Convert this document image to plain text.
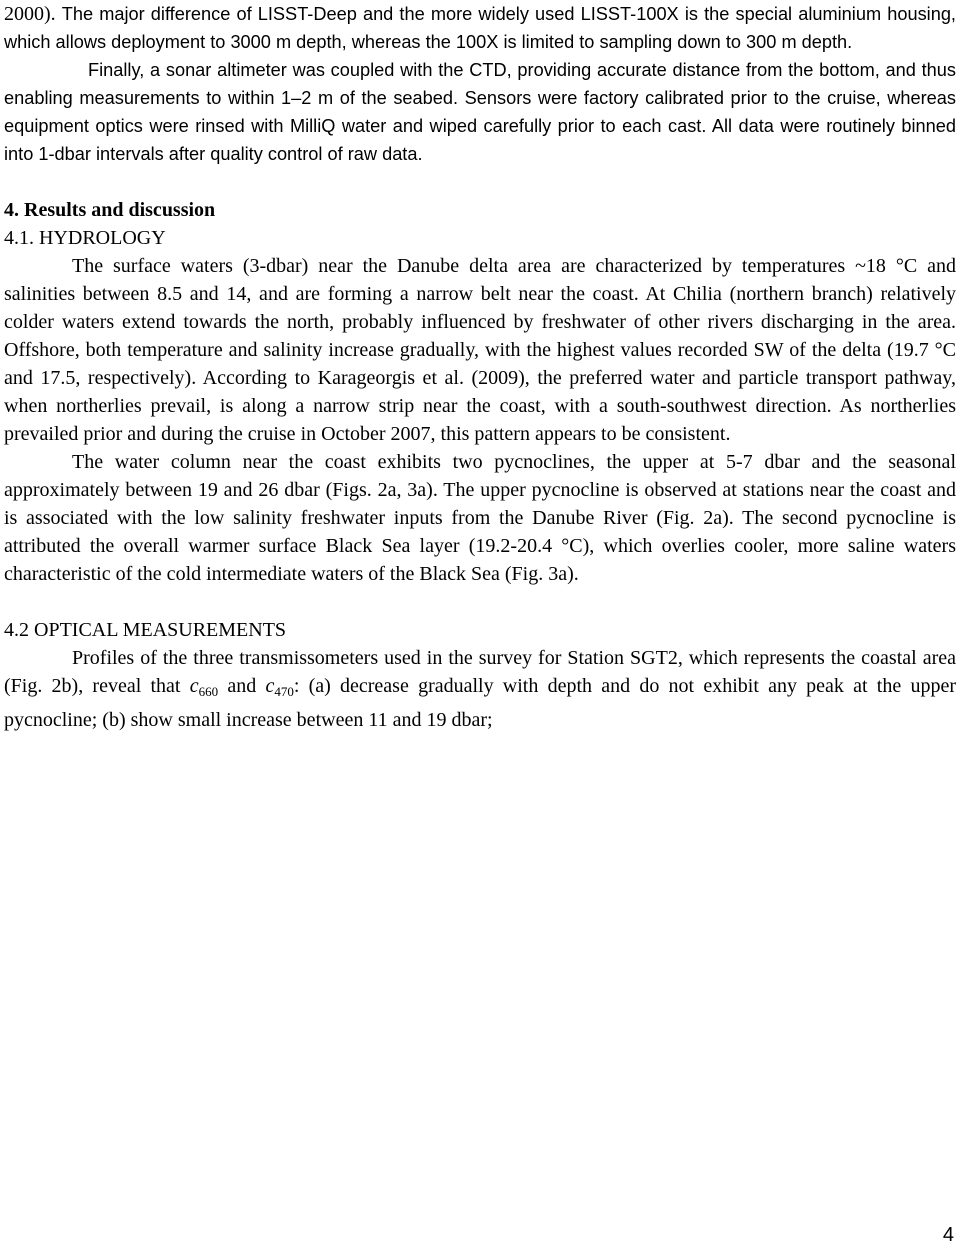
2000). The major difference of LISST-Deep and the more widely used LISST-100X is the special aluminium housing, which allows deployment to 3000 m depth, whereas the 100X is limited to sampling down to 300 m depth.

Finally, a sonar altimeter was coupled with the CTD, providing accurate distance from the bottom, and thus enabling measurements to within 1–2 m of the seabed. Sensors were factory calibrated prior to the cruise, whereas equipment optics were rinsed with MilliQ water and wiped carefully prior to each cast. All data were routinely binned into 1-dbar intervals after quality control of raw data.

4. Results and discussion

4.1. HYDROLOGY

The surface waters (3-dbar) near the Danube delta area are characterized by temperatures ~18 °C and salinities between 8.5 and 14, and are forming a narrow belt near the coast. At Chilia (northern branch) relatively colder waters extend towards the north, probably influenced by freshwater of other rivers discharging in the area. Offshore, both temperature and salinity increase gradually, with the highest values recorded SW of the delta (19.7 °C and 17.5, respectively). According to Karageorgis et al. (2009), the preferred water and particle transport pathway, when northerlies prevail, is along a narrow strip near the coast, with a south-southwest direction. As northerlies prevailed prior and during the cruise in October 2007, this pattern appears to be consistent.

The water column near the coast exhibits two pycnoclines, the upper at 5-7 dbar and the seasonal approximately between 19 and 26 dbar (Figs. 2a, 3a). The upper pycnocline is observed at stations near the coast and is associated with the low salinity freshwater inputs from the Danube River (Fig. 2a). The second pycnocline is attributed the overall warmer surface Black Sea layer (19.2-20.4 °C), which overlies cooler, more saline waters characteristic of the cold intermediate waters of the Black Sea (Fig. 3a).

4.2 OPTICAL MEASUREMENTS

Profiles of the three transmissometers used in the survey for Station SGT2, which represents the coastal area (Fig. 2b), reveal that $c_{660}$ and $c_{470}$: (a) decrease gradually with depth and do not exhibit any peak at the upper pycnocline; (b) show small increase between 11 and 19 dbar;

4
